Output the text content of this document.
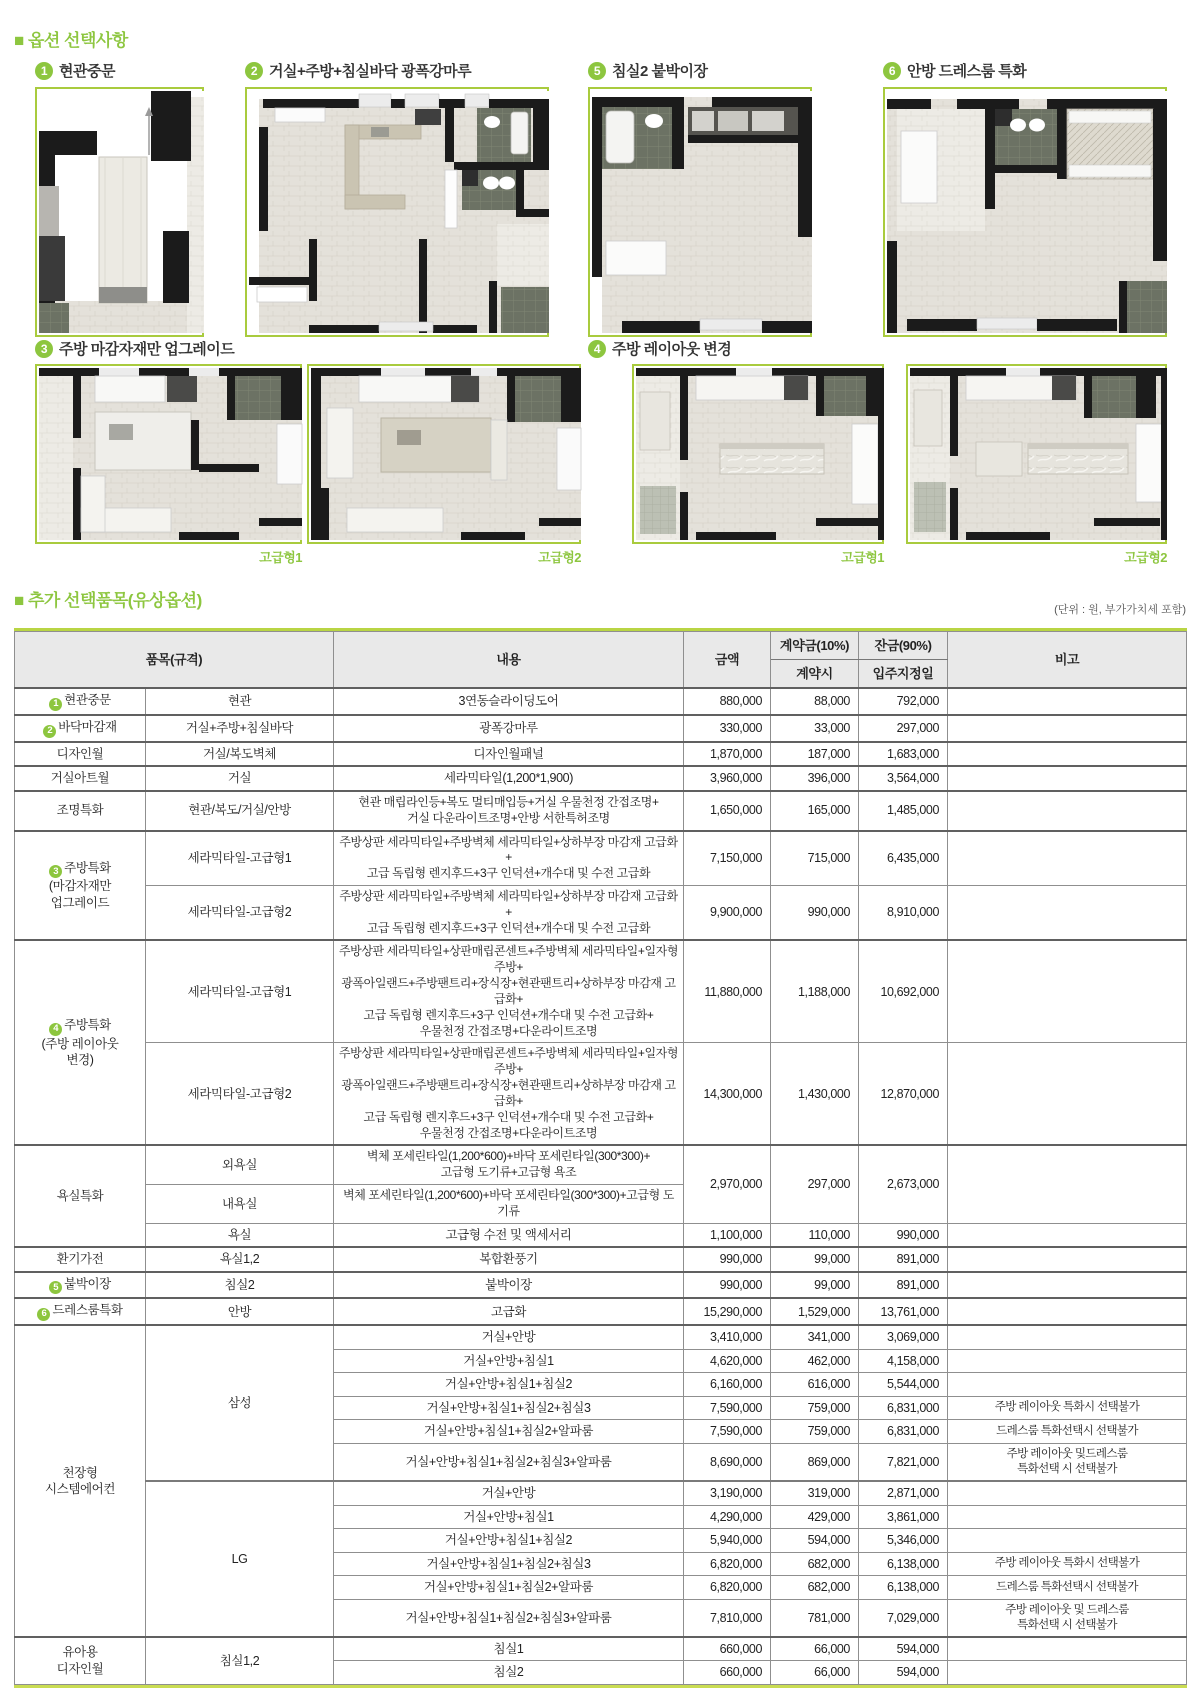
■ 옵션 선택사항
1 현관중문	2 거실+주방+침실바닥 광폭강마루	5 침실2 붙박이장	6 안방 드레스룸 특화
3 주방 마감자재만 업그레이드
고급형1	고급형2
4 주방 레이아웃 변경
고급형1	고급형2
■ 추가 선택품목(유상옵션)	(단위 : 원, 부가가치세 포함)
품목(규격)		내용	금액	계약금(10%)	잔금(90%)	비고
				계약시	입주지정일	
1 현관중문	현관	3연동슬라이딩도어	880,000	88,000	792,000	
2 바닥마감재	거실+주방+침실바닥	광폭강마루	330,000	33,000	297,000	
디자인월	거실/복도벽체	디자인월패널	1,870,000	187,000	1,683,000	
거실아트월	거실	세라믹타일(1,200*1,900)	3,960,000	396,000	3,564,000	
조명특화	현관/복도/거실/안방	현관 매립라인등+복도 멀티매입등+거실 우물천정 간접조명+
거실 다운라이트조명+안방 서한특허조명	1,650,000	165,000	1,485,000	
3 주방특화
(마감자재만
업그레이드	세라믹타일-고급형1	주방상판 세라믹타일+주방벽체 세라믹타일+상하부장 마감재 고급화+
고급 독립형 렌지후드+3구 인덕션+개수대 및 수전 고급화	7,150,000	715,000	6,435,000	
	세라믹타일-고급형2	주방상판 세라믹타일+주방벽체 세라믹타일+상하부장 마감재 고급화+
고급 독립형 렌지후드+3구 인덕션+개수대 및 수전 고급화	9,900,000	990,000	8,910,000	
4 주방특화
(주방 레이아웃
변경)	세라믹타일-고급형1	주방상판 세라믹타일+상판매립콘센트+주방벽체 세라믹타일+일자형주방+
광폭아일랜드+주방팬트리+장식장+현관팬트리+상하부장 마감재 고급화+
고급 독립형 렌지후드+3구 인덕션+개수대 및 수전 고급화+
우물천정 간접조명+다운라이트조명	11,880,000	1,188,000	10,692,000	
	세라믹타일-고급형2	주방상판 세라믹타일+상판매립콘센트+주방벽체 세라믹타일+일자형주방+
광폭아일랜드+주방팬트리+장식장+현관팬트리+상하부장 마감재 고급화+
고급 독립형 렌지후드+3구 인덕션+개수대 및 수전 고급화+
우물천정 간접조명+다운라이트조명	14,300,000	1,430,000	12,870,000	
욕실특화	외욕실	벽체 포세린타일(1,200*600)+바닥 포세린타일(300*300)+
고급형 도기류+고급형 욕조	2,970,000	297,000	2,673,000	
	내욕실	벽체 포세린타일(1,200*600)+바닥 포세린타일(300*300)+고급형 도기류				
	욕실	고급형 수전 및 액세서리	1,100,000	110,000	990,000	
환기가전	욕실1,2	복합환풍기	990,000	99,000	891,000	
5 붙박이장	침실2	붙박이장	990,000	99,000	891,000	
6 드레스룸특화	안방	고급화	15,290,000	1,529,000	13,761,000	
천장형
시스템에어컨	삼성	거실+안방	3,410,000	341,000	3,069,000	
		거실+안방+침실1	4,620,000	462,000	4,158,000	
		거실+안방+침실1+침실2	6,160,000	616,000	5,544,000	
		거실+안방+침실1+침실2+침실3	7,590,000	759,000	6,831,000	주방 레이아웃 특화시 선택불가
		거실+안방+침실1+침실2+알파룸	7,590,000	759,000	6,831,000	드레스룸 특화선택시 선택불가
		거실+안방+침실1+침실2+침실3+알파룸	8,690,000	869,000	7,821,000	주방 레이아웃 및드레스룸
특화선택 시 선택불가
	LG	거실+안방	3,190,000	319,000	2,871,000	
		거실+안방+침실1	4,290,000	429,000	3,861,000	
		거실+안방+침실1+침실2	5,940,000	594,000	5,346,000	
		거실+안방+침실1+침실2+침실3	6,820,000	682,000	6,138,000	주방 레이아웃 특화시 선택불가
		거실+안방+침실1+침실2+알파룸	6,820,000	682,000	6,138,000	드레스룸 특화선택시 선택불가
		거실+안방+침실1+침실2+침실3+알파룸	7,810,000	781,000	7,029,000	주방 레이아웃 및 드레스룸
특화선택 시 선택불가
유아용
디자인월	침실1,2	침실1	660,000	66,000	594,000	
		침실2	660,000	66,000	594,000	
